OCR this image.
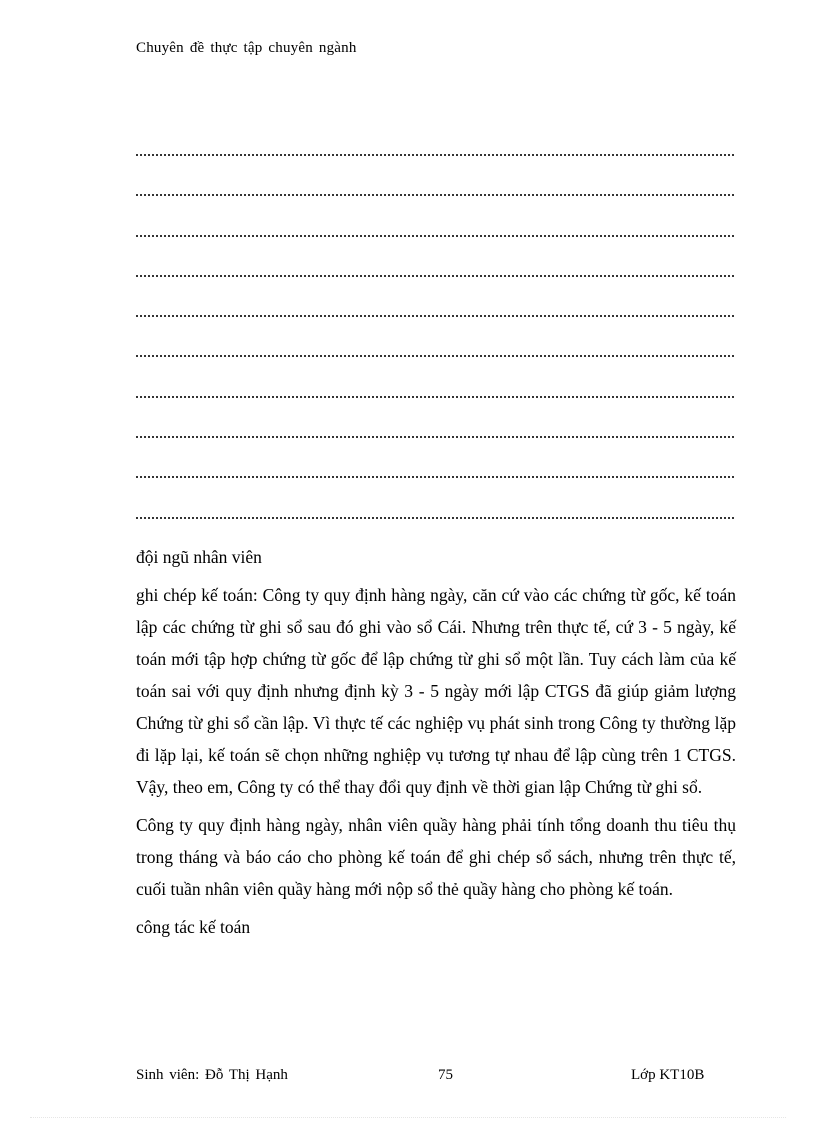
Chuyên đề thực tập chuyên ngành

đội ngũ nhân viên

ghi chép kế toán: Công ty quy định hàng ngày, căn cứ vào các chứng từ gốc, kế toán lập các chứng từ ghi sổ sau đó ghi vào sổ Cái. Nhưng trên thực tế, cứ 3 - 5 ngày, kế toán mới tập hợp chứng từ gốc để lập chứng từ ghi sổ một lần. Tuy cách làm của kế toán sai với quy định nhưng định kỳ 3 - 5 ngày mới lập CTGS đã giúp giảm lượng Chứng từ ghi sổ cần lập. Vì thực tế các nghiệp vụ phát sinh trong Công ty thường lặp đi lặp lại, kế toán sẽ chọn những nghiệp vụ tương tự nhau để lập cùng trên 1 CTGS. Vậy, theo em, Công ty có thể thay đổi quy định về thời gian lập Chứng từ ghi sổ.

Công ty quy định hàng ngày, nhân viên quầy hàng phải tính tổng doanh thu tiêu thụ trong tháng và báo cáo cho phòng kế toán để ghi chép sổ sách, nhưng trên thực tế, cuối tuần nhân viên quầy hàng mới nộp sổ thẻ quầy hàng cho phòng kế toán.

công tác kế toán

Sinh viên: Đỗ Thị Hạnh	75	Lớp KT10B
